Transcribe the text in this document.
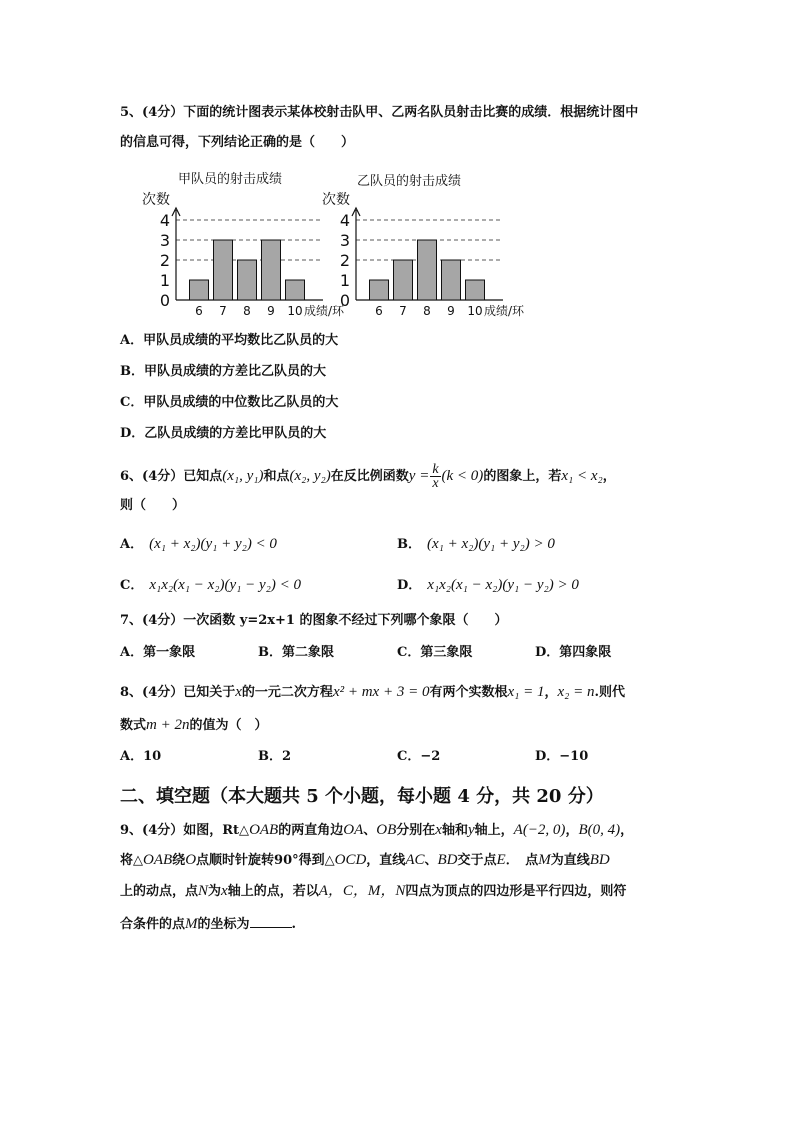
5、(4分）下面的统计图表示某体校射击队甲、乙两名队员射击比赛的成绩．根据统计图中
的信息可得，下列结论正确的是（　　）
甲队员的射击成绩
次数
0
1
2
3
4
6 7 8 9 10 成绩/环
乙队员的射击成绩
次数
0
1
2
3
4
6 7 8 9 10 成绩/环
A．甲队员成绩的平均数比乙队员的大
B．甲队员成绩的方差比乙队员的大
C．甲队员成绩的中位数比乙队员的大
D．乙队员成绩的方差比甲队员的大
6、(4分）已知点(x₁, y₁)和点(x₂, y₂)在反比例函数$y = \frac{k}{x} (k < 0)$的图象上，若x₁ < x₂，
则（　　）
A． (x₁ + x₂)(y₁ + y₂) < 0	B． (x₁ + x₂)(y₁ + y₂) > 0
C． x₁x₂(x₁ − x₂)(y₁ − y₂) < 0	D． x₁x₂(x₁ − x₂)(y₁ − y₂) > 0
7、(4分）一次函数 y=2x+1 的图象不经过下列哪个象限（　　）
A．第一象限	B．第二象限	C．第三象限	D．第四象限
8、(4分）已知关于x的一元二次方程x² + mx + 3 = 0有两个实数根x₁ = 1，x₂ = n.则代
数式m + 2n的值为（　）
A．10	B．2	C．−2	D．−10
二、填空题（本大题共 5 个小题，每小题 4 分，共 20 分）
9、(4分）如图，Rt△OAB的两直角边OA、OB分别在x轴和y轴上，A(−2, 0)，B(0, 4)，
将△OAB绕O点顺时针旋转90°得到△OCD，直线AC、BD交于点E．　点M为直线BD
上的动点，点N为x轴上的点，若以A，C，M，N四点为顶点的四边形是平行四边，则符
合条件的点M的坐标为	.
